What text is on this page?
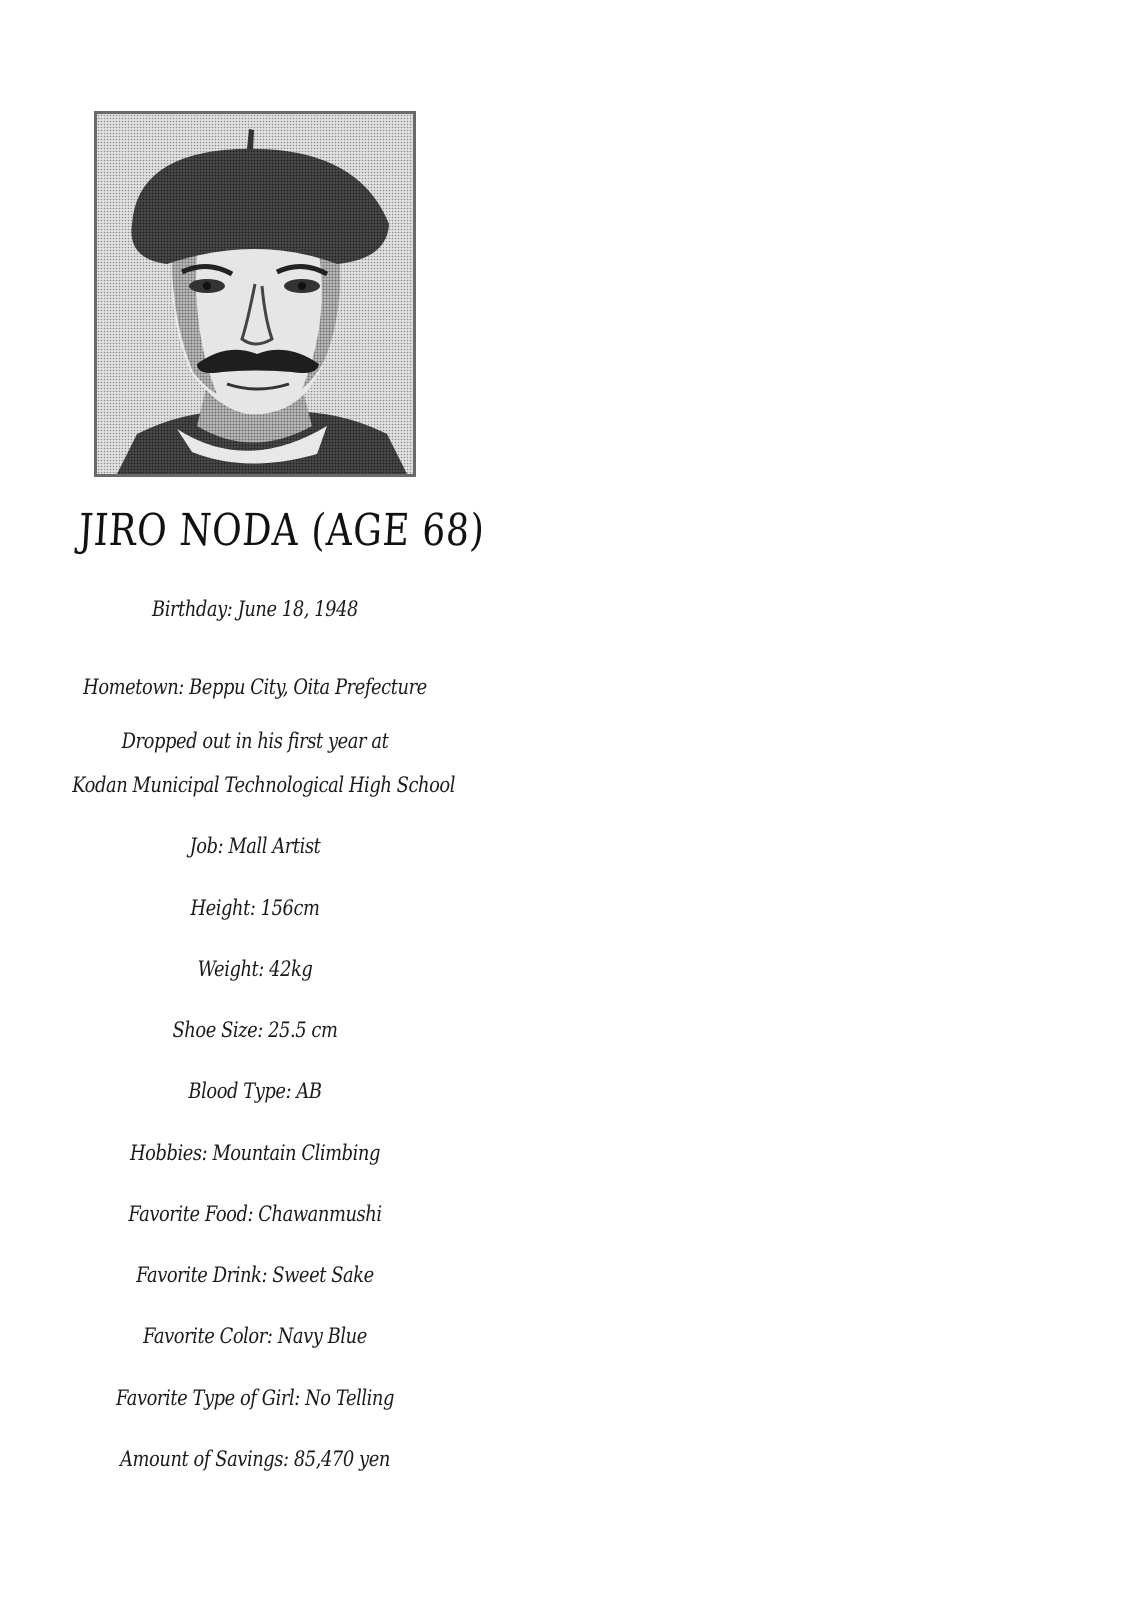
JIRO NODA (AGE 68)
Birthday: June 18, 1948
Hometown: Beppu City, Oita Prefecture
Dropped out in his first year at
Kodan Municipal Technological High School
Job: Mall Artist
Height: 156cm
Weight: 42kg
Shoe Size: 25.5 cm
Blood Type: AB
Hobbies: Mountain Climbing
Favorite Food: Chawanmushi
Favorite Drink: Sweet Sake
Favorite Color: Navy Blue
Favorite Type of Girl: No Telling
Amount of Savings: 85,470 yen
